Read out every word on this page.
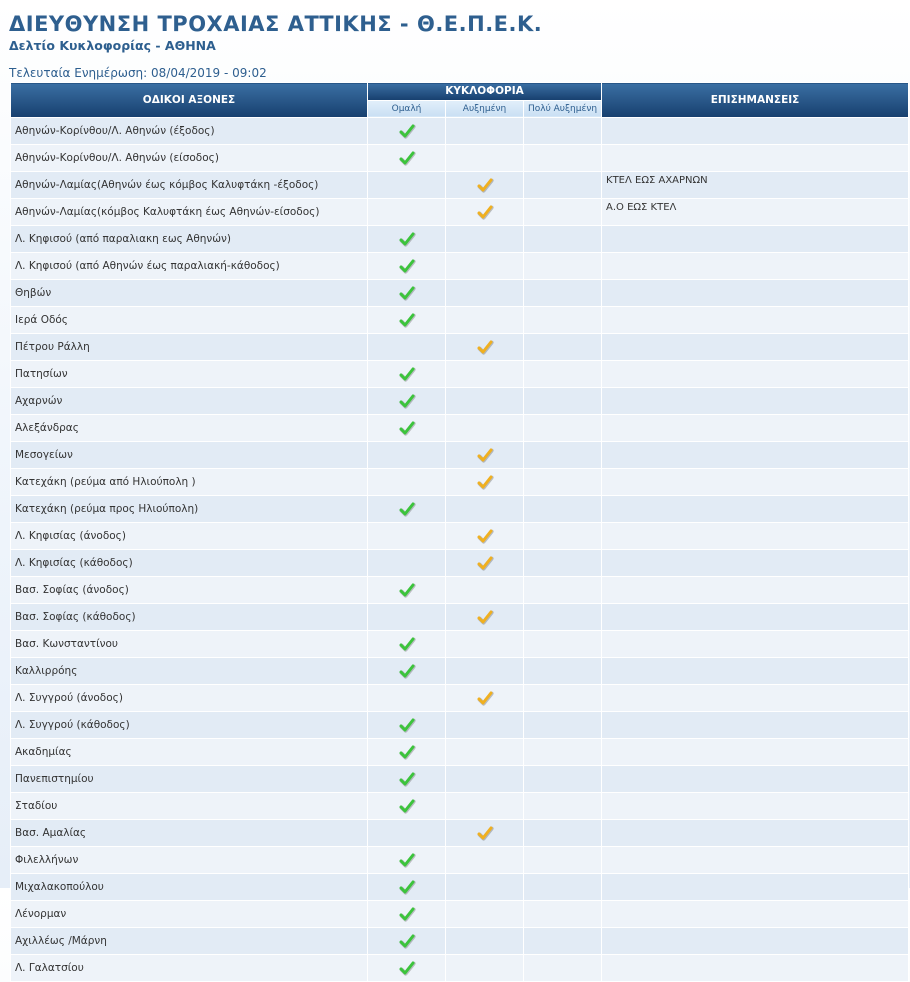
ΔΙΕΥΘΥΝΣΗ ΤΡΟΧΑΙΑΣ ΑΤΤΙΚΗΣ - Θ.Ε.Π.Ε.Κ.
Δελτίο Κυκλοφορίας - ΑΘΗΝΑ
Τελευταία Ενημέρωση: 08/04/2019 - 09:02
ΟΔΙΚΟΙ ΑΞΟΝΕΣ	ΚΥΚΛΟΦΟΡΙΑ			ΕΠΙΣΗΜΑΝΣΕΙΣ
	Ομαλή	Αυξημένη	Πολύ Αυξημένη	
Αθηνών-Κορίνθου/Λ. Αθηνών (έξοδος)	

Αθηνών-Κορίνθου/Λ. Αθηνών (είσοδος)	

Αθηνών-Λαμίας(Αθηνών έως κόμβος Καλυφτάκη -έξοδος)				ΚΤΕΛ ΕΩΣ ΑΧΑΡΝΩΝ
Αθηνών-Λαμίας(κόμβος Καλυφτάκη έως Αθηνών-είσοδος)				Α.Ο ΕΩΣ ΚΤΕΛ
Λ. Κηφισού (από παραλιακη εως Αθηνών)	

Λ. Κηφισού (από Αθηνών έως παραλιακή-κάθοδος)	

Θηβών	

Ιερά Οδός	

Πέτρου Ράλλη		

Πατησίων	

Αχαρνών	

Αλεξάνδρας	

Μεσογείων		

Κατεχάκη (ρεύμα από Ηλιούπολη )		

Κατεχάκη (ρεύμα προς Ηλιούπολη)	

Λ. Κηφισίας (άνοδος)		

Λ. Κηφισίας (κάθοδος)		

Βασ. Σοφίας (άνοδος)	

Βασ. Σοφίας (κάθοδος)		

Βασ. Κωνσταντίνου	

Καλλιρρόης	

Λ. Συγγρού (άνοδος)		

Λ. Συγγρού (κάθοδος)	

Ακαδημίας	

Πανεπιστημίου	

Σταδίου	

Βασ. Αμαλίας		

Φιλελλήνων	

Μιχαλακοπούλου	

Λένορμαν	

Αχιλλέως /Μάρνη	

Λ. Γαλατσίου	
